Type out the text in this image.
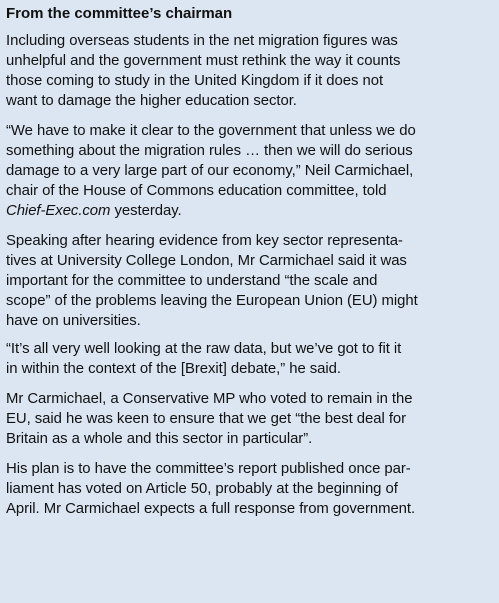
From the committee’s chairman
Including overseas students in the net migration figures was
unhelpful and the government must rethink the way it counts
those coming to study in the United Kingdom if it does not
want to damage the higher education sector.
“We have to make it clear to the government that unless we do
something about the migration rules … then we will do serious
damage to a very large part of our economy,” Neil Carmichael,
chair of the House of Commons education committee, told
Chief-Exec.com yesterday.
Speaking after hearing evidence from key sector representa-
tives at University College London, Mr Carmichael said it was
important for the committee to understand “the scale and
scope” of the problems leaving the European Union (EU) might
have on universities.
“It’s all very well looking at the raw data, but we’ve got to fit it
in within the context of the [Brexit] debate,” he said.
Mr Carmichael, a Conservative MP who voted to remain in the
EU, said he was keen to ensure that we get “the best deal for
Britain as a whole and this sector in particular”.
His plan is to have the committee’s report published once par-
liament has voted on Article 50, probably at the beginning of
April. Mr Carmichael expects a full response from government.
